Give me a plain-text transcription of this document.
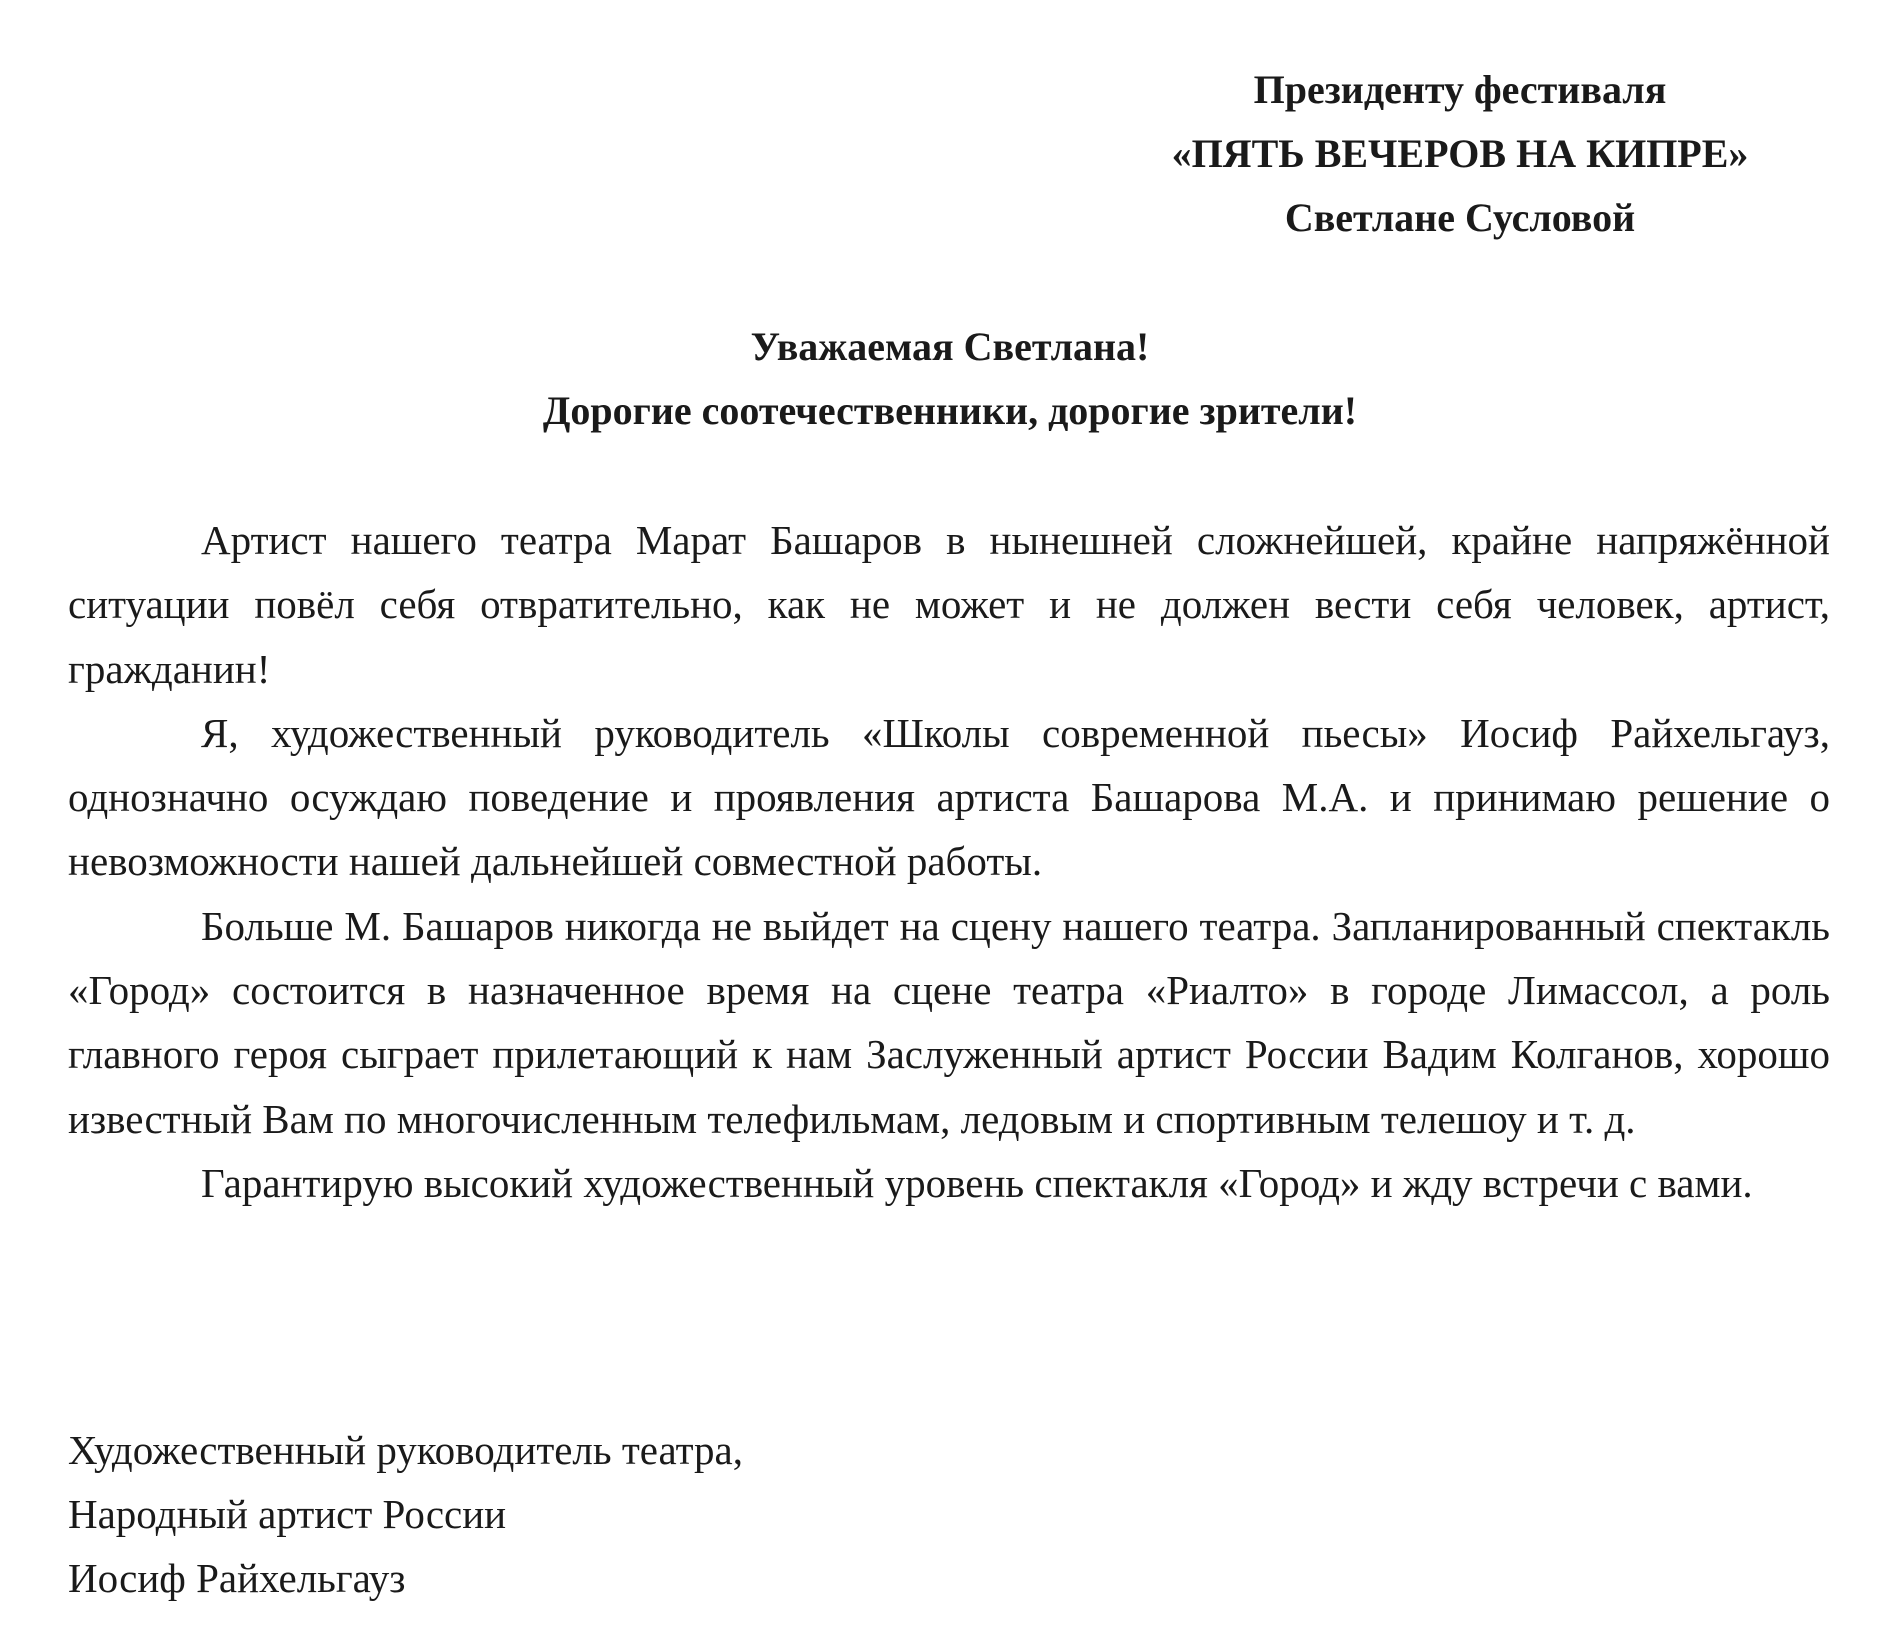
Президенту фестиваля
«ПЯТЬ ВЕЧЕРОВ НА КИПРЕ»
Светлане Сусловой
Уважаемая Светлана!
Дорогие соотечественники, дорогие зрители!

Артист нашего театра Марат Башаров в нынешней сложнейшей, крайне напряжённой ситуации повёл себя отвратительно, как не может и не должен вести себя человек, артист, гражданин!

Я, художественный руководитель «Школы современной пьесы» Иосиф Райхельгауз, однозначно осуждаю поведение и проявления артиста Башарова М.А. и принимаю решение о невозможности нашей дальнейшей совместной работы.

Больше М. Башаров никогда не выйдет на сцену нашего театра. Запланированный спектакль «Город» состоится в назначенное время на сцене театра «Риалто» в городе Лимассол, а роль главного героя сыграет прилетающий к нам Заслуженный артист России Вадим Колганов, хорошо известный Вам по многочисленным телефильмам, ледовым и спортивным телешоу и т. д.

Гарантирую высокий художественный уровень спектакля «Город» и жду встречи с вами.

Художественный руководитель театра,
Народный артист России
Иосиф Райхельгауз
